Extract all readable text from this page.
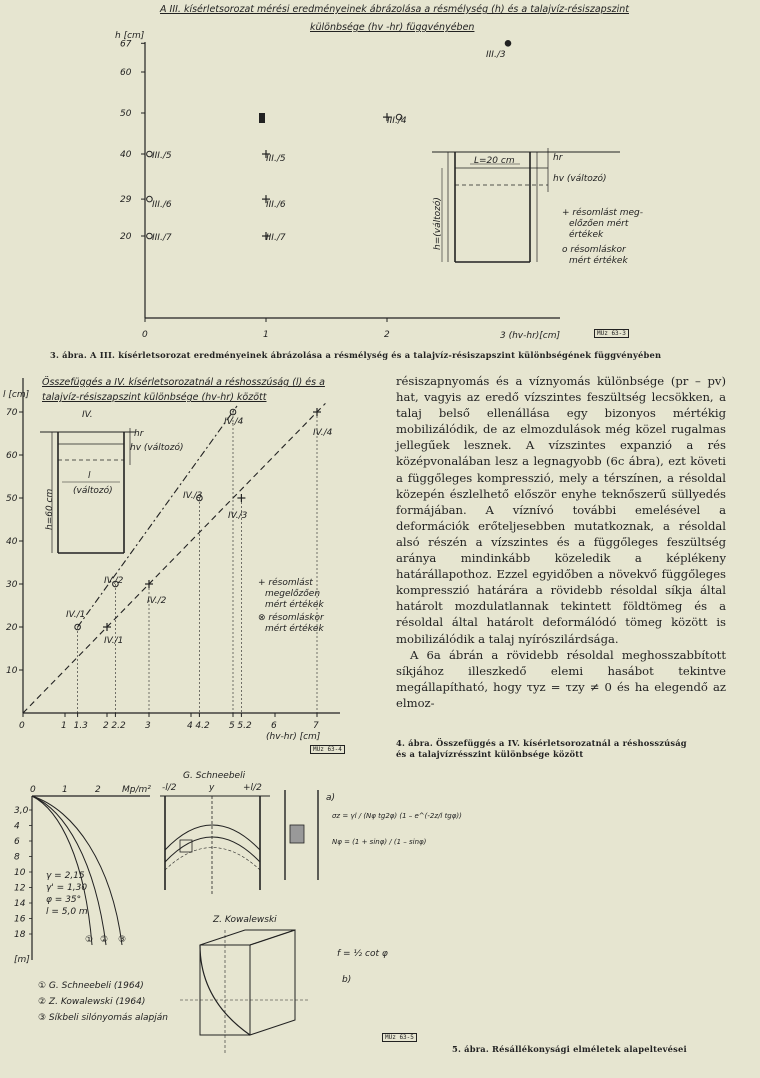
A III. kísérletsorozat mérési eredményeinek ábrázolása a résmélység (h) és a talajvíz-résiszapszint
különbsége (hv -hr) függvényében
h [cm]
67
60
50
40
29
20
0	1	2	3 (hv-hr)[cm]
III./3
III./4
III./5
III./6
III./7
III./5
III./6
III./7
L=20 cm	hr
hv (változó)
h=(változó)	+ résomlást meg-
előzően mért
értékek
o résomláskor
mért értékek
MÜz 63-3
3. ábra. A III. kísérletsorozat eredményeinek ábrázolása a résmélység és a talajvíz-résiszapszint különbségének függvényében
Összefüggés a IV. kísérletsorozatnál a réshosszúság (l) és a
talajvíz-résiszapszint különbsége (hv-hr) között
l [cm]
70
60
50
40
30
20
10
0	1 1.3 2 2.2 3	4 4.2 5 5.2 6	7
(hv-hr) [cm]
IV./1
IV./1
IV./2
IV./2
IV./3
IV./3
IV./4
IV./4
IV.
hr
hv (változó)
l
(változó)
h=60 cm
+ résomlást
megelőzően
mért értékek
⊗ résomláskor
mért értékek
MÜz 63-4

résiszapnyomás és a víznyomás különbsége (pr – pv) hat, vagyis az eredő vízszintes feszültség lecsökken, a talaj belső ellenállása egy bizonyos mértékig mobilizálódik, de az elmozdulások még közel rugalmas jellegűek lesznek. A vízszintes expanzió a rés középvonalában lesz a legnagyobb (6c ábra), ezt követi a függőleges kompresszió, mely a térszínen, a résoldal közepén észlelhető először enyhe teknőszerű süllyedés formájában. A víznívó további emelésével a deformációk erőteljesebben mutatkoznak, a résoldal alsó részén a vízszintes és a függőleges feszültség aránya mindinkább közeledik a képlékeny határállapothoz. Ezzel egyidőben a növekvő függőleges kompresszió határára a rövidebb résoldal síkja által határolt mozdulatlannak tekintett földtömeg és a résoldal által határolt deformálódó tömeg között is mobilizálódik a talaj nyírószilárdsága.

A 6a ábrán a rövidebb résoldal meghosszabbított síkjához illeszkedő elemi hasábot tekintve megállapítható, hogy τyz = τzy ≠ 0 és ha elegendő az elmoz-

4. ábra. Összefüggés a IV. kísérletsorozatnál a réshosszúság
és a talajvízrésszint különbsége között
Mp/m²
0	1	2
3,0
4
6
8
10
12
14
16
18
[m]
① ② ③
γ = 2,15
γ' = 1,30
φ = 35°
l = 5,0 m
① G. Schneebeli (1964)
② Z. Kowalewski (1964)
③ Síkbeli silónyomás alapján
G. Schneebeli
-l/2	y	+l/2
a)
σz = γl / (Nφ tg2φ) (1 – e^(-2z/l tgφ))
Nφ = (1 + sinφ) / (1 – sinφ)
Z. Kowalewski
f = ½ cot φ
b)
MÜz 63-5
5. ábra. Résállékonysági elméletek alapeltevései
